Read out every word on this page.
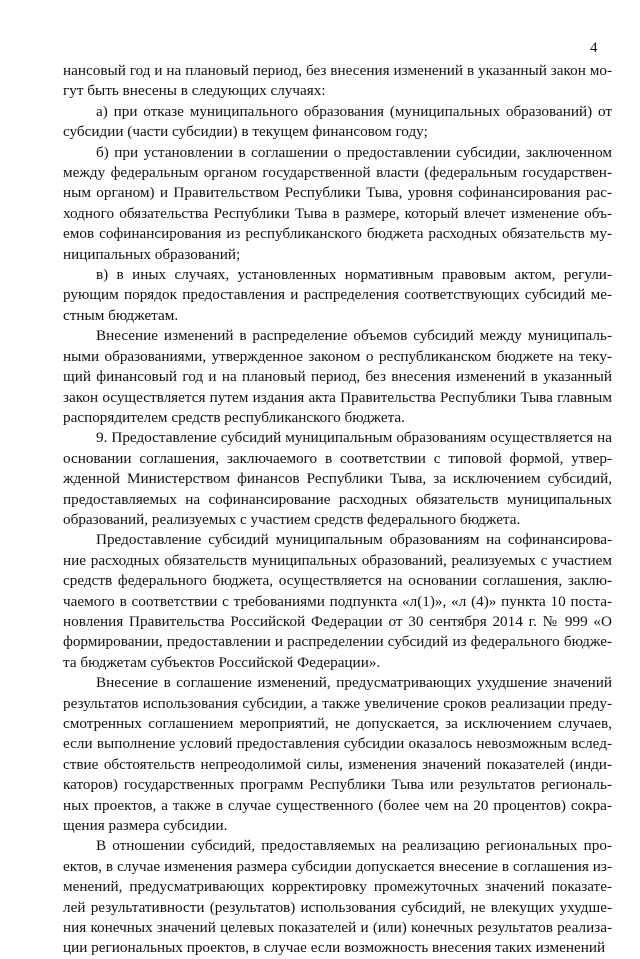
4

нансовый год и на плановый период, без внесения изменений в указанный закон могут быть внесены в следующих случаях:

а) при отказе муниципального образования (муниципальных образований) от субсидии (части субсидии) в текущем финансовом году;

б) при установлении в соглашении о предоставлении субсидии, заключенном между федеральным органом государственной власти (федеральным государственным органом) и Правительством Республики Тыва, уровня софинансирования расходного обязательства Республики Тыва в размере, который влечет изменение объемов софинансирования из республиканского бюджета расходных обязательств муниципальных образований;

в) в иных случаях, установленных нормативным правовым актом, регулирующим порядок предоставления и распределения соответствующих субсидий местным бюджетам.

Внесение изменений в распределение объемов субсидий между муниципальными образованиями, утвержденное законом о республиканском бюджете на текущий финансовый год и на плановый период, без внесения изменений в указанный закон осуществляется путем издания акта Правительства Республики Тыва главным распорядителем средств республиканского бюджета.

9. Предоставление субсидий муниципальным образованиям осуществляется на основании соглашения, заключаемого в соответствии с типовой формой, утвержденной Министерством финансов Республики Тыва, за исключением субсидий, предоставляемых на софинансирование расходных обязательств муниципальных образований, реализуемых с участием средств федерального бюджета.

Предоставление субсидий муниципальным образованиям на софинансирование расходных обязательств муниципальных образований, реализуемых с участием средств федерального бюджета, осуществляется на основании соглашения, заключаемого в соответствии с требованиями подпункта «л(1)», «л (4)» пункта 10 постановления Правительства Российской Федерации от 30 сентября 2014 г. № 999 «О формировании, предоставлении и распределении субсидий из федерального бюджета бюджетам субъектов Российской Федерации».

Внесение в соглашение изменений, предусматривающих ухудшение значений результатов использования субсидии, а также увеличение сроков реализации предусмотренных соглашением мероприятий, не допускается, за исключением случаев, если выполнение условий предоставления субсидии оказалось невозможным вследствие обстоятельств непреодолимой силы, изменения значений показателей (индикаторов) государственных программ Республики Тыва или результатов региональных проектов, а также в случае существенного (более чем на 20 процентов) сокращения размера субсидии.

В отношении субсидий, предоставляемых на реализацию региональных проектов, в случае изменения размера субсидии допускается внесение в соглашения изменений, предусматривающих корректировку промежуточных значений показателей результативности (результатов) использования субсидий, не влекущих ухудшения конечных значений целевых показателей и (или) конечных результатов реализации региональных проектов, в случае если возможность внесения таких изменений
